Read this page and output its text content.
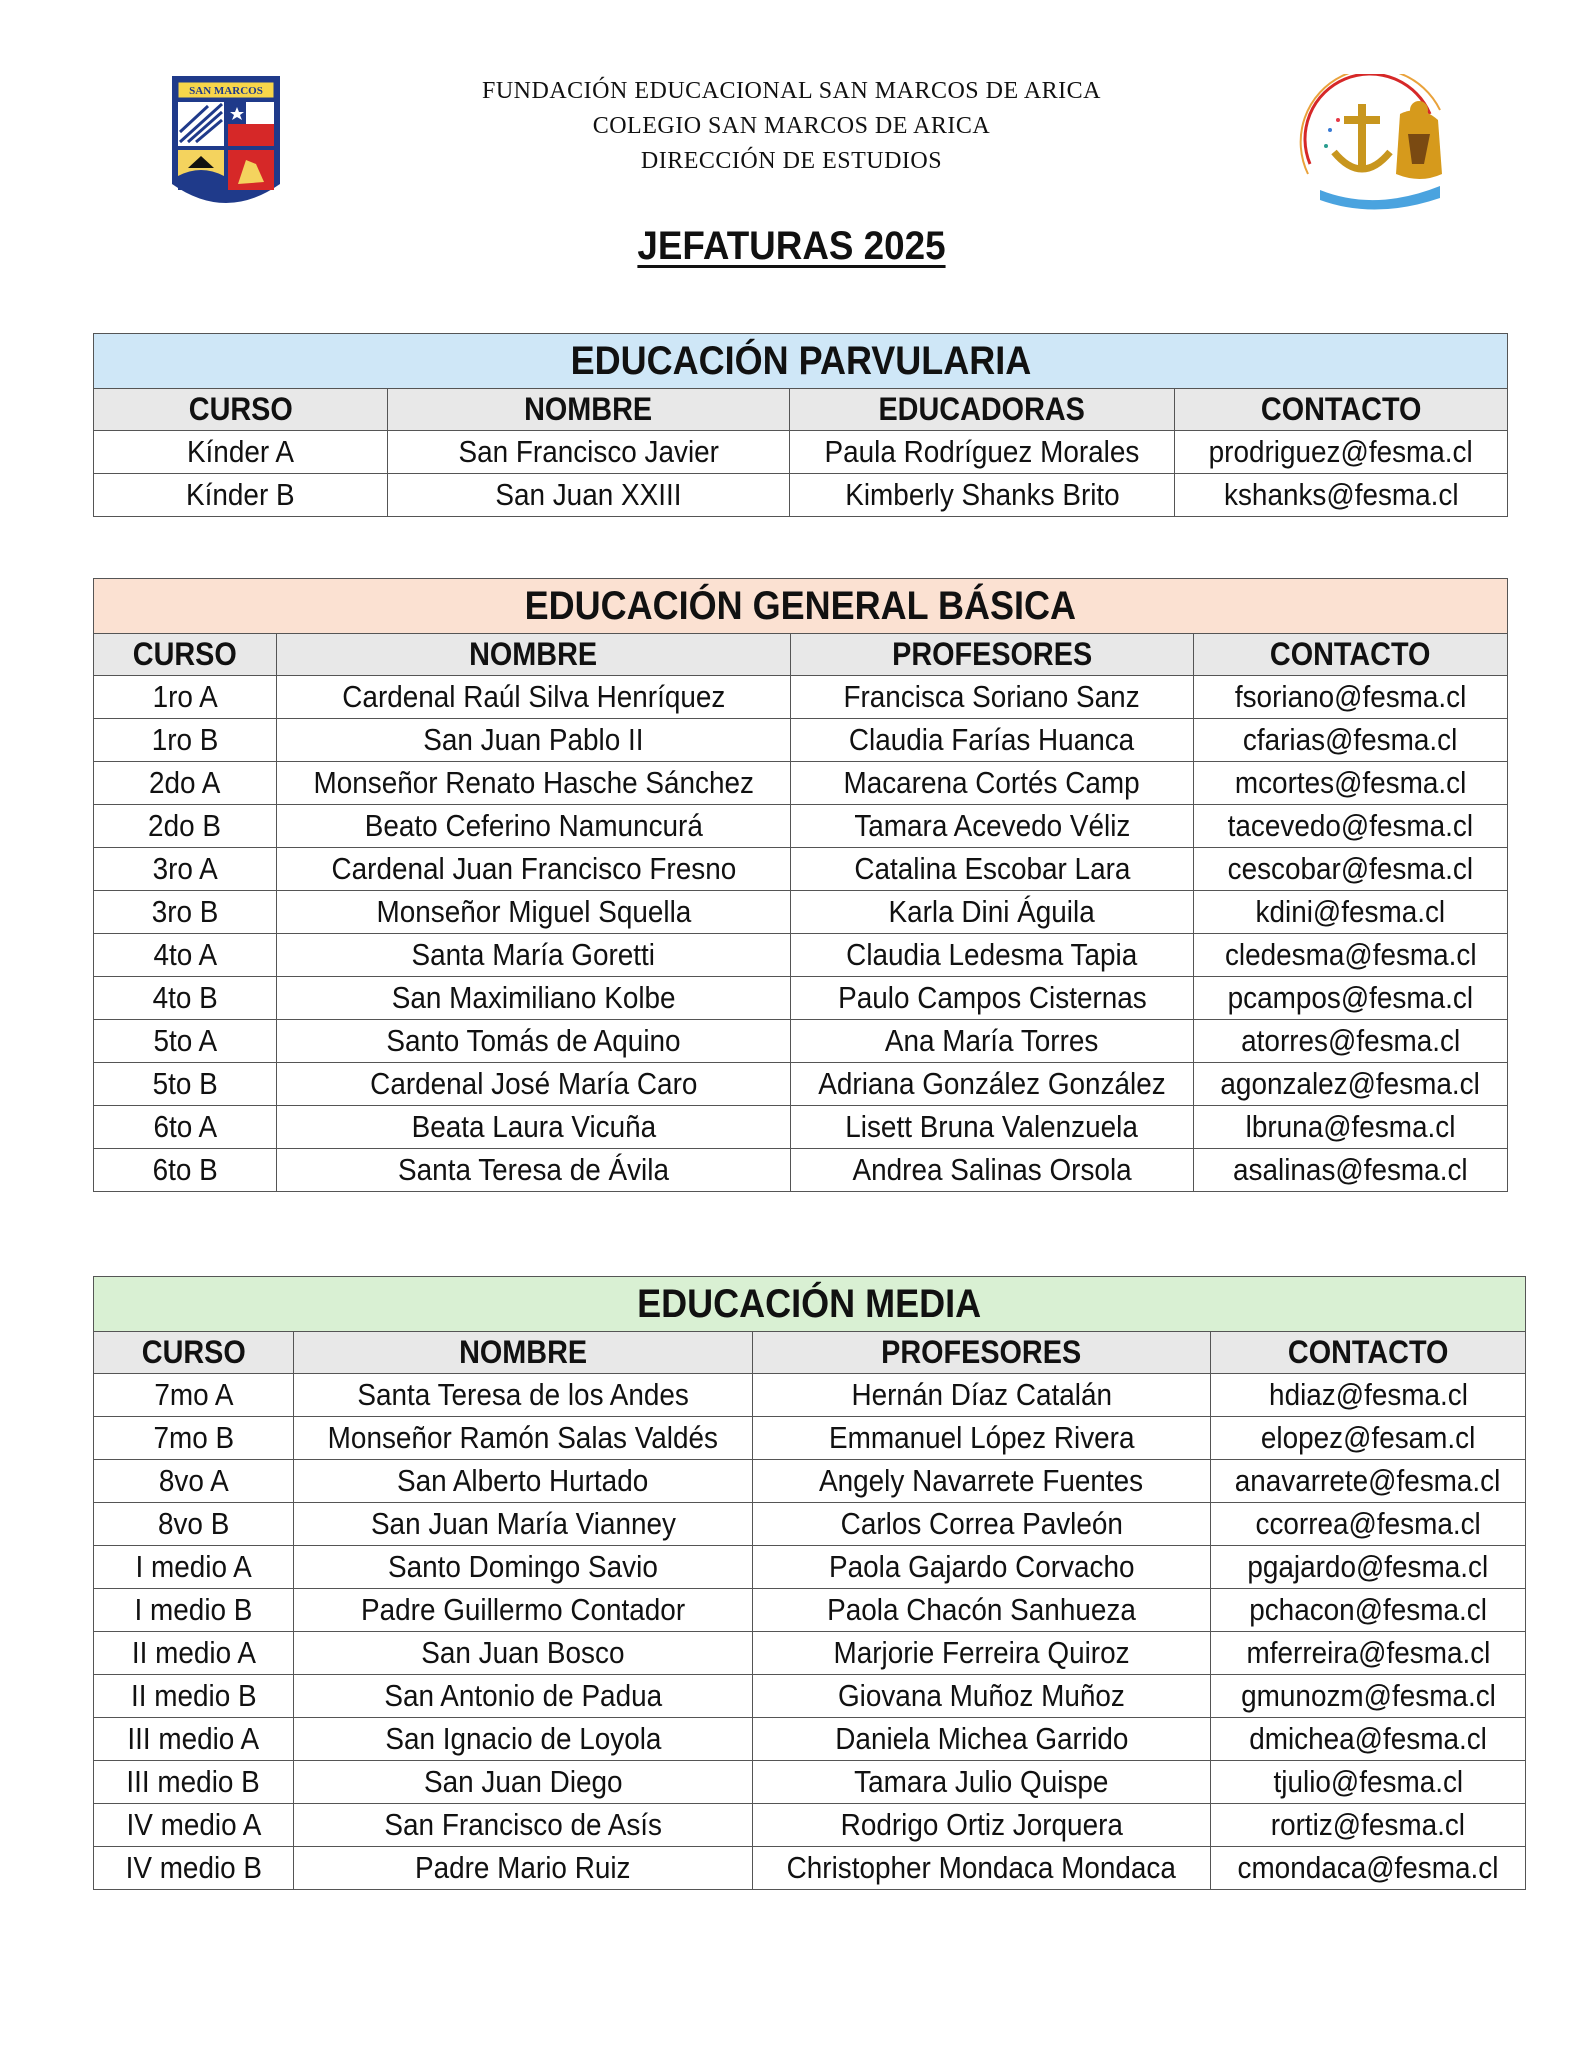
SAN MARCOS	FUNDACIÓN EDUCACIONAL SAN MARCOS DE ARICA
COLEGIO SAN MARCOS DE ARICA
DIRECCIÓN DE ESTUDIOS
JEFATURAS 2025
EDUCACIÓN PARVULARIA			
CURSO	NOMBRE	EDUCADORAS	CONTACTO
Kínder A	San Francisco Javier	Paula Rodríguez Morales	prodriguez@fesma.cl
Kínder B	San Juan XXIII	Kimberly Shanks Brito	kshanks@fesma.cl
EDUCACIÓN GENERAL BÁSICA			
CURSO	NOMBRE	PROFESORES	CONTACTO
1ro A	Cardenal Raúl Silva Henríquez	Francisca Soriano Sanz	fsoriano@fesma.cl
1ro B	San Juan Pablo II	Claudia Farías Huanca	cfarias@fesma.cl
2do A	Monseñor Renato Hasche Sánchez	Macarena Cortés Camp	mcortes@fesma.cl
2do B	Beato Ceferino Namuncurá	Tamara Acevedo Véliz	tacevedo@fesma.cl
3ro A	Cardenal Juan Francisco Fresno	Catalina Escobar Lara	cescobar@fesma.cl
3ro B	Monseñor Miguel Squella	Karla Dini Águila	kdini@fesma.cl
4to A	Santa María Goretti	Claudia Ledesma Tapia	cledesma@fesma.cl
4to B	San Maximiliano Kolbe	Paulo Campos Cisternas	pcampos@fesma.cl
5to A	Santo Tomás de Aquino	Ana María Torres	atorres@fesma.cl
5to B	Cardenal José María Caro	Adriana González González	agonzalez@fesma.cl
6to A	Beata Laura Vicuña	Lisett Bruna Valenzuela	lbruna@fesma.cl
6to B	Santa Teresa de Ávila	Andrea Salinas Orsola	asalinas@fesma.cl
EDUCACIÓN MEDIA			
CURSO	NOMBRE	PROFESORES	CONTACTO
7mo A	Santa Teresa de los Andes	Hernán Díaz Catalán	hdiaz@fesma.cl
7mo B	Monseñor Ramón Salas Valdés	Emmanuel López Rivera	elopez@fesam.cl
8vo A	San Alberto Hurtado	Angely Navarrete Fuentes	anavarrete@fesma.cl
8vo B	San Juan María Vianney	Carlos Correa Pavleón	ccorrea@fesma.cl
I medio A	Santo Domingo Savio	Paola Gajardo Corvacho	pgajardo@fesma.cl
I medio B	Padre Guillermo Contador	Paola Chacón Sanhueza	pchacon@fesma.cl
II medio A	San Juan Bosco	Marjorie Ferreira Quiroz	mferreira@fesma.cl
II medio B	San Antonio de Padua	Giovana Muñoz Muñoz	gmunozm@fesma.cl
III medio A	San Ignacio de Loyola	Daniela Michea Garrido	dmichea@fesma.cl
III medio B	San Juan Diego	Tamara Julio Quispe	tjulio@fesma.cl
IV medio A	San Francisco de Asís	Rodrigo Ortiz Jorquera	rortiz@fesma.cl
IV medio B	Padre Mario Ruiz	Christopher Mondaca Mondaca	cmondaca@fesma.cl
